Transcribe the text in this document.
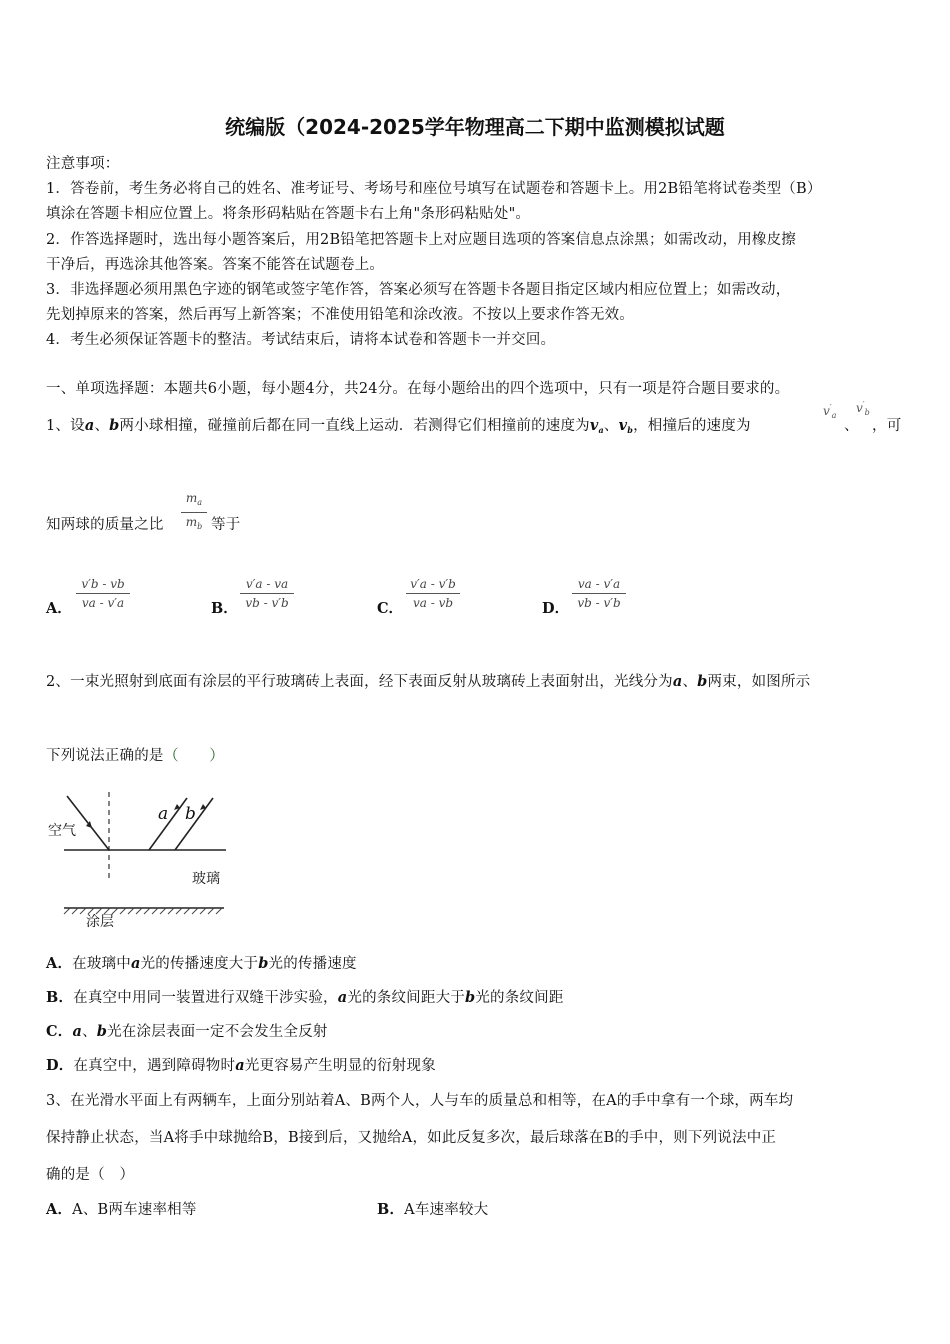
统编版（2024-2025学年物理高二下期中监测模拟试题
注意事项：
1．答卷前，考生务必将自己的姓名、准考证号、考场号和座位号填写在试题卷和答题卡上。用2B铅笔将试卷类型（B）
填涂在答题卡相应位置上。将条形码粘贴在答题卡右上角"条形码粘贴处"。
2．作答选择题时，选出每小题答案后，用2B铅笔把答题卡上对应题目选项的答案信息点涂黑；如需改动，用橡皮擦
干净后，再选涂其他答案。答案不能答在试题卷上。
3．非选择题必须用黑色字迹的钢笔或签字笔作答，答案必须写在答题卡各题目指定区域内相应位置上；如需改动，
先划掉原来的答案，然后再写上新答案；不准使用铅笔和涂改液。不按以上要求作答无效。
4．考生必须保证答题卡的整洁。考试结束后，请将本试卷和答题卡一并交回。
一、单项选择题：本题共6小题，每小题4分，共24分。在每小题给出的四个选项中，只有一项是符合题目要求的。
1、设a、b两小球相撞，碰撞前后都在同一直线上运动．若测得它们相撞前的速度为$v_a$、$v_b$，相撞后的速度为
$v'_a$
、
$v'_b$
，可
知两球的质量之比
$m_a$
$m_b$ 等于
A．
v′b - vb
va - v′a	B．
v′a - va
vb - v′b	C．
v′a - v′b
va - vb	D．
va - v′a
vb - v′b
2、一束光照射到底面有涂层的平行玻璃砖上表面，经下表面反射从玻璃砖上表面射出，光线分为a、b两束，如图所示
下列说法正确的是（　　）
空气
玻璃
涂层
a b
A．在玻璃中a光的传播速度大于b光的传播速度
B．在真空中用同一装置进行双缝干涉实验，a光的条纹间距大于b光的条纹间距
C．a、b光在涂层表面一定不会发生全反射
D．在真空中，遇到障碍物时a光更容易产生明显的衍射现象
3、在光滑水平面上有两辆车，上面分别站着A、B两个人，人与车的质量总和相等，在A的手中拿有一个球，两车均
保持静止状态，当A将手中球抛给B，B接到后，又抛给A，如此反复多次，最后球落在B的手中，则下列说法中正
确的是（　）
A．A、B两车速率相等	B．A车速率较大
